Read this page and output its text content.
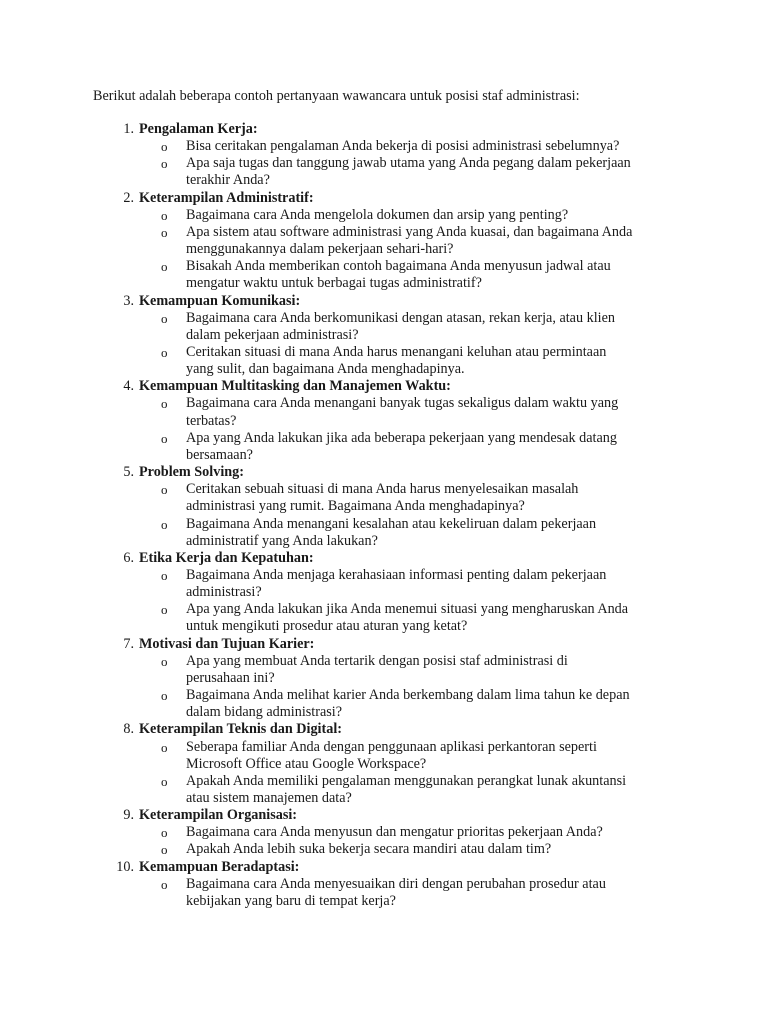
Berikut adalah beberapa contoh pertanyaan wawancara untuk posisi staf administrasi:
1. Pengalaman Kerja:
o Bisa ceritakan pengalaman Anda bekerja di posisi administrasi sebelumnya?
o Apa saja tugas dan tanggung jawab utama yang Anda pegang dalam pekerjaan
terakhir Anda?
2. Keterampilan Administratif:
o Bagaimana cara Anda mengelola dokumen dan arsip yang penting?
o Apa sistem atau software administrasi yang Anda kuasai, dan bagaimana Anda
menggunakannya dalam pekerjaan sehari-hari?
o Bisakah Anda memberikan contoh bagaimana Anda menyusun jadwal atau
mengatur waktu untuk berbagai tugas administratif?
3. Kemampuan Komunikasi:
o Bagaimana cara Anda berkomunikasi dengan atasan, rekan kerja, atau klien
dalam pekerjaan administrasi?
o Ceritakan situasi di mana Anda harus menangani keluhan atau permintaan
yang sulit, dan bagaimana Anda menghadapinya.
4. Kemampuan Multitasking dan Manajemen Waktu:
o Bagaimana cara Anda menangani banyak tugas sekaligus dalam waktu yang
terbatas?
o Apa yang Anda lakukan jika ada beberapa pekerjaan yang mendesak datang
bersamaan?
5. Problem Solving:
o Ceritakan sebuah situasi di mana Anda harus menyelesaikan masalah
administrasi yang rumit. Bagaimana Anda menghadapinya?
o Bagaimana Anda menangani kesalahan atau kekeliruan dalam pekerjaan
administratif yang Anda lakukan?
6. Etika Kerja dan Kepatuhan:
o Bagaimana Anda menjaga kerahasiaan informasi penting dalam pekerjaan
administrasi?
o Apa yang Anda lakukan jika Anda menemui situasi yang mengharuskan Anda
untuk mengikuti prosedur atau aturan yang ketat?
7. Motivasi dan Tujuan Karier:
o Apa yang membuat Anda tertarik dengan posisi staf administrasi di
perusahaan ini?
o Bagaimana Anda melihat karier Anda berkembang dalam lima tahun ke depan
dalam bidang administrasi?
8. Keterampilan Teknis dan Digital:
o Seberapa familiar Anda dengan penggunaan aplikasi perkantoran seperti
Microsoft Office atau Google Workspace?
o Apakah Anda memiliki pengalaman menggunakan perangkat lunak akuntansi
atau sistem manajemen data?
9. Keterampilan Organisasi:
o Bagaimana cara Anda menyusun dan mengatur prioritas pekerjaan Anda?
o Apakah Anda lebih suka bekerja secara mandiri atau dalam tim?
10. Kemampuan Beradaptasi:
o Bagaimana cara Anda menyesuaikan diri dengan perubahan prosedur atau
kebijakan yang baru di tempat kerja?
